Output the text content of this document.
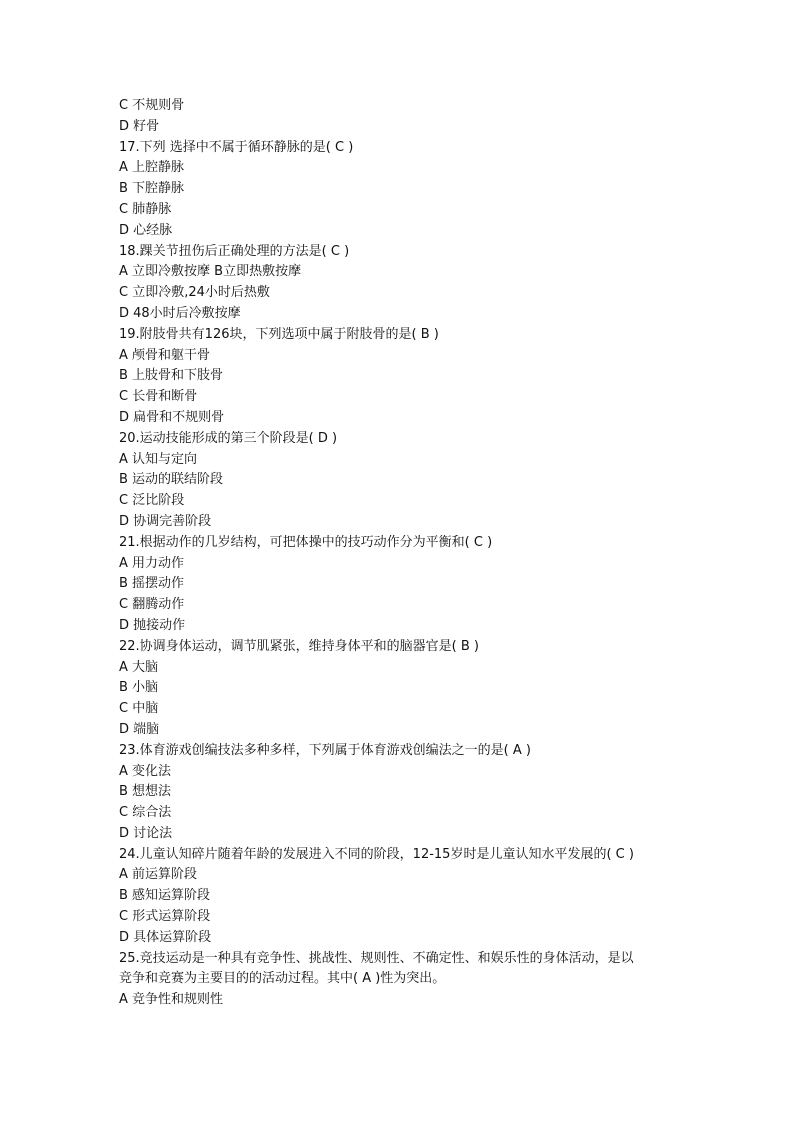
C 不规则骨
D 籽骨
17.下列 选择中不属于循环静脉的是( C )
A 上腔静脉
B 下腔静脉
C 肺静脉
D 心经脉
18.踝关节扭伤后正确处理的方法是( C )
A 立即冷敷按摩 B立即热敷按摩
C 立即冷敷,24小时后热敷
D 48小时后冷敷按摩
19.附肢骨共有126块，下列选项中属于附肢骨的是( B )
A 颅骨和躯干骨
B 上肢骨和下肢骨
C 长骨和断骨
D 扁骨和不规则骨
20.运动技能形成的第三个阶段是( D )
A 认知与定向
B 运动的联结阶段
C 泛比阶段
D 协调完善阶段
21.根据动作的几岁结构，可把体操中的技巧动作分为平衡和( C )
A 用力动作
B 摇摆动作
C 翻腾动作
D 抛接动作
22.协调身体运动，调节肌紧张，维持身体平和的脑器官是( B )
A 大脑
B 小脑
C 中脑
D 端脑
23.体育游戏创编技法多种多样，下列属于体育游戏创编法之一的是( A )
A 变化法
B 想想法
C 综合法
D 讨论法
24.儿童认知碎片随着年龄的发展进入不同的阶段，12-15岁时是儿童认知水平发展的( C )
A 前运算阶段
B 感知运算阶段
C 形式运算阶段
D 具体运算阶段
25.竞技运动是一种具有竞争性、挑战性、规则性、不确定性、和娱乐性的身体活动，是以
竞争和竞赛为主要目的的活动过程。其中( A )性为突出。
A 竞争性和规则性
